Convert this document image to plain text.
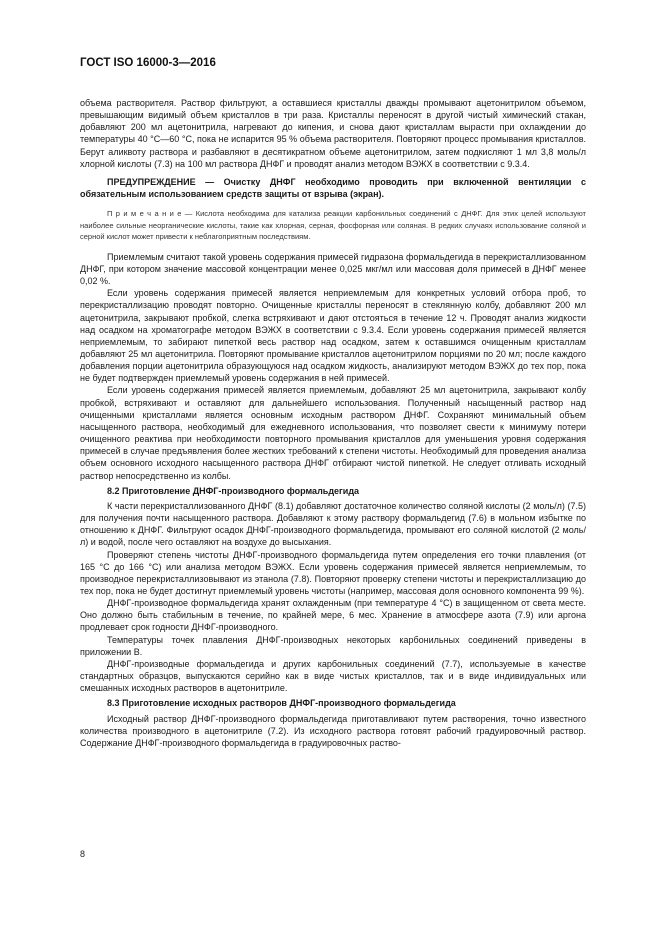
ГОСТ ISO 16000-3—2016

объема растворителя. Раствор фильтруют, а оставшиеся кристаллы дважды промывают ацетонитрилом объемом, превышающим видимый объем кристаллов в три раза. Кристаллы переносят в другой чистый химический стакан, добавляют 200 мл ацетонитрила, нагревают до кипения, и снова дают кристаллам вырасти при охлаждении до температуры 40 °С—60 °С, пока не испарится 95 % объема растворителя. Повторяют процесс промывания кристаллов. Берут аликвоту раствора и разбавляют в десятикратном объеме ацетонитрилом, затем подкисляют 1 мл 3,8 моль/л хлорной кислоты (7.3) на 100 мл раствора ДНФГ и проводят анализ методом ВЭЖХ в соответствии с 9.3.4.

ПРЕДУПРЕЖДЕНИЕ — Очистку ДНФГ необходимо проводить при включенной вентиляции с обязательным использованием средств защиты от взрыва (экран).

П р и м е ч а н и е — Кислота необходима для катализа реакции карбонильных соединений с ДНФГ. Для этих целей используют наиболее сильные неорганические кислоты, такие как хлорная, серная, фосфорная или соляная. В редких случаях использование соляной и серной кислот может привести к неблагоприятным последствиям.

Приемлемым считают такой уровень содержания примесей гидразона формальдегида в перекристаллизованном ДНФГ, при котором значение массовой концентрации менее 0,025 мкг/мл или массовая доля примесей в ДНФГ менее 0,02 %.

Если уровень содержания примесей является неприемлемым для конкретных условий отбора проб, то перекристаллизацию проводят повторно. Очищенные кристаллы переносят в стеклянную колбу, добавляют 200 мл ацетонитрила, закрывают пробкой, слегка встряхивают и дают отстояться в течение 12 ч. Проводят анализ жидкости над осадком на хроматографе методом ВЭЖХ в соответствии с 9.3.4. Если уровень содержания примесей является неприемлемым, то забирают пипеткой весь раствор над осадком, затем к оставшимся очищенным кристаллам добавляют 25 мл ацетонитрила. Повторяют промывание кристаллов ацетонитрилом порциями по 20 мл; после каждого добавления порции ацетонитрила образующуюся над осадком жидкость, анализируют методом ВЭЖХ до тех пор, пока не будет подтвержден приемлемый уровень содержания в ней примесей.

Если уровень содержания примесей является приемлемым, добавляют 25 мл ацетонитрила, закрывают колбу пробкой, встряхивают и оставляют для дальнейшего использования. Полученный насыщенный раствор над очищенными кристаллами является основным исходным раствором ДНФГ. Сохраняют минимальный объем насыщенного раствора, необходимый для ежедневного использования, что позволяет свести к минимуму потери очищенного реактива при необходимости повторного промывания кристаллов для уменьшения уровня содержания примесей в случае предъявления более жестких требований к степени чистоты. Необходимый для проведения анализа объем основного исходного насыщенного раствора ДНФГ отбирают чистой пипеткой. Не следует отливать исходный раствор непосредственно из колбы.

8.2 Приготовление ДНФГ-производного формальдегида

К части перекристаллизованного ДНФГ (8.1) добавляют достаточное количество соляной кислоты (2 моль/л) (7.5) для получения почти насыщенного раствора. Добавляют к этому раствору формальдегид (7.6) в мольном избытке по отношению к ДНФГ. Фильтруют осадок ДНФГ-производного формальдегида, промывают его соляной кислотой (2 моль/л) и водой, после чего оставляют на воздухе до высыхания.

Проверяют степень чистоты ДНФГ-производного формальдегида путем определения его точки плавления (от 165 °С до 166 °С) или анализа методом ВЭЖХ. Если уровень содержания примесей является неприемлемым, то производное перекристаллизовывают из этанола (7.8). Повторяют проверку степени чистоты и перекристаллизацию до тех пор, пока не будет достигнут приемлемый уровень чистоты (например, массовая доля основного компонента 99 %).

ДНФГ-производное формальдегида хранят охлажденным (при температуре 4 °С) в защищенном от света месте. Оно должно быть стабильным в течение, по крайней мере, 6 мес. Хранение в атмосфере азота (7.9) или аргона продлевает срок годности ДНФГ-производного.

Температуры точек плавления ДНФГ-производных некоторых карбонильных соединений приведены в приложении В.

ДНФГ-производные формальдегида и других карбонильных соединений (7.7), используемые в качестве стандартных образцов, выпускаются серийно как в виде чистых кристаллов, так и в виде индивидуальных или смешанных исходных растворов в ацетонитриле.

8.3 Приготовление исходных растворов ДНФГ-производного формальдегида

Исходный раствор ДНФГ-производного формальдегида приготавливают путем растворения, точно известного количества производного в ацетонитриле (7.2). Из исходного раствора готовят рабочий градуировочный раствор. Содержание ДНФГ-производного формальдегида в градуировочных раство-

8
